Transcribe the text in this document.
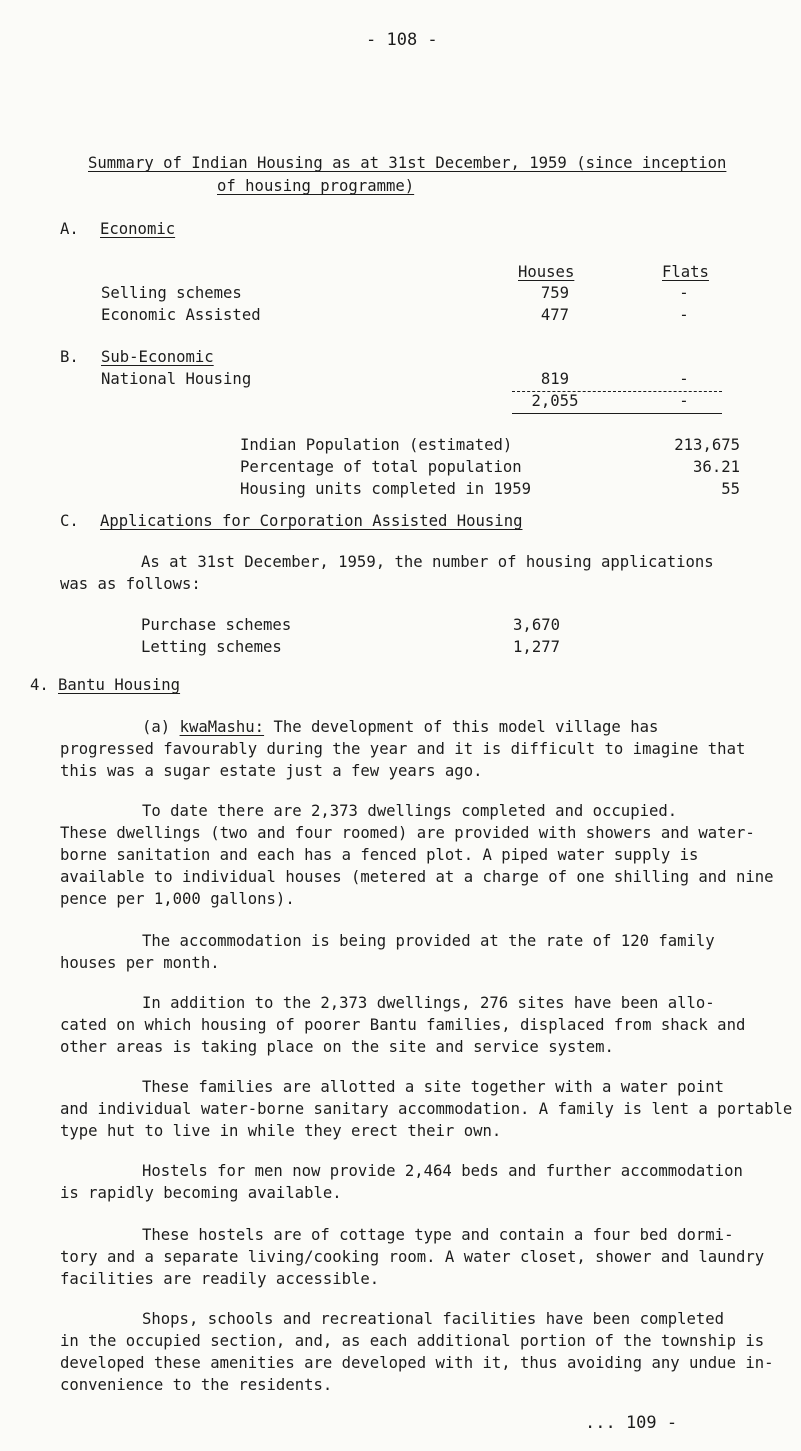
- 108 -
Summary of Indian Housing as at 31st December, 1959 (since inception
of housing programme)
A. Economic
Houses	Flats
Selling schemes	759	-
Economic Assisted	477	-
B. Sub-Economic
National Housing	819	-
2,055	-
Indian Population (estimated)	213,675
Percentage of total population	36.21
Housing units completed in 1959	55
C. Applications for Corporation Assisted Housing
As at 31st December, 1959, the number of housing applications
was as follows:
Purchase schemes	3,670
Letting schemes	1,277
4. Bantu Housing
(a) kwaMashu: The development of this model village has
progressed favourably during the year and it is difficult to imagine that
this was a sugar estate just a few years ago.
To date there are 2,373 dwellings completed and occupied.
These dwellings (two and four roomed) are provided with showers and water-
borne sanitation and each has a fenced plot. A piped water supply is
available to individual houses (metered at a charge of one shilling and nine
pence per 1,000 gallons).
The accommodation is being provided at the rate of 120 family
houses per month.
In addition to the 2,373 dwellings, 276 sites have been allo-
cated on which housing of poorer Bantu families, displaced from shack and
other areas is taking place on the site and service system.
These families are allotted a site together with a water point
and individual water-borne sanitary accommodation. A family is lent a portable
type hut to live in while they erect their own.
Hostels for men now provide 2,464 beds and further accommodation
is rapidly becoming available.
These hostels are of cottage type and contain a four bed dormi-
tory and a separate living/cooking room. A water closet, shower and laundry
facilities are readily accessible.
Shops, schools and recreational facilities have been completed
in the occupied section, and, as each additional portion of the township is
developed these amenities are developed with it, thus avoiding any undue in-
convenience to the residents.
... 109 -
